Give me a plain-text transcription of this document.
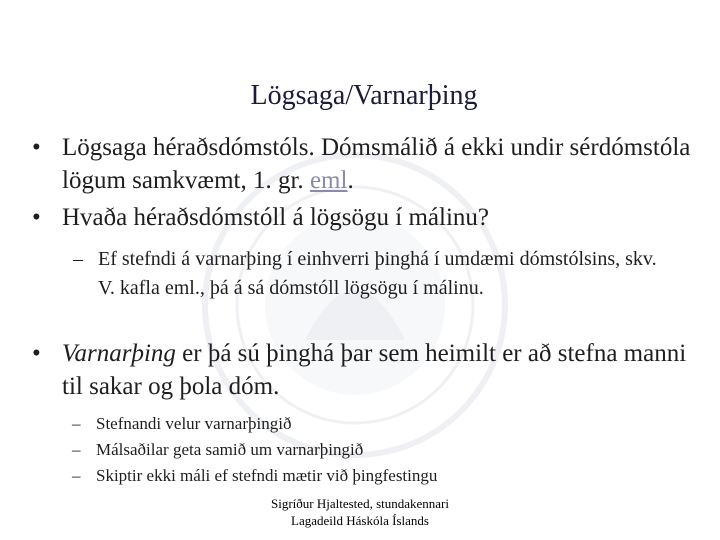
Lögsaga/Varnarþing
• Lögsaga héraðsdómstóls. Dómsmálið á ekki undir sérdómstóla lögum samkvæmt, 1. gr. eml.
• Hvaða héraðsdómstóll á lögsögu í málinu?
– Ef stefndi á varnarþing í einhverri þinghá í umdæmi dómstólsins, skv. V. kafla eml., þá á sá dómstóll lögsögu í málinu.
• Varnarþing er þá sú þinghá þar sem heimilt er að stefna manni til sakar og þola dóm.
– Stefnandi velur varnarþingið
– Málsaðilar geta samið um varnarþingið
– Skiptir ekki máli ef stefndi mætir við þingfestingu
Sigríður Hjaltested, stundakennari
Lagadeild Háskóla Íslands
